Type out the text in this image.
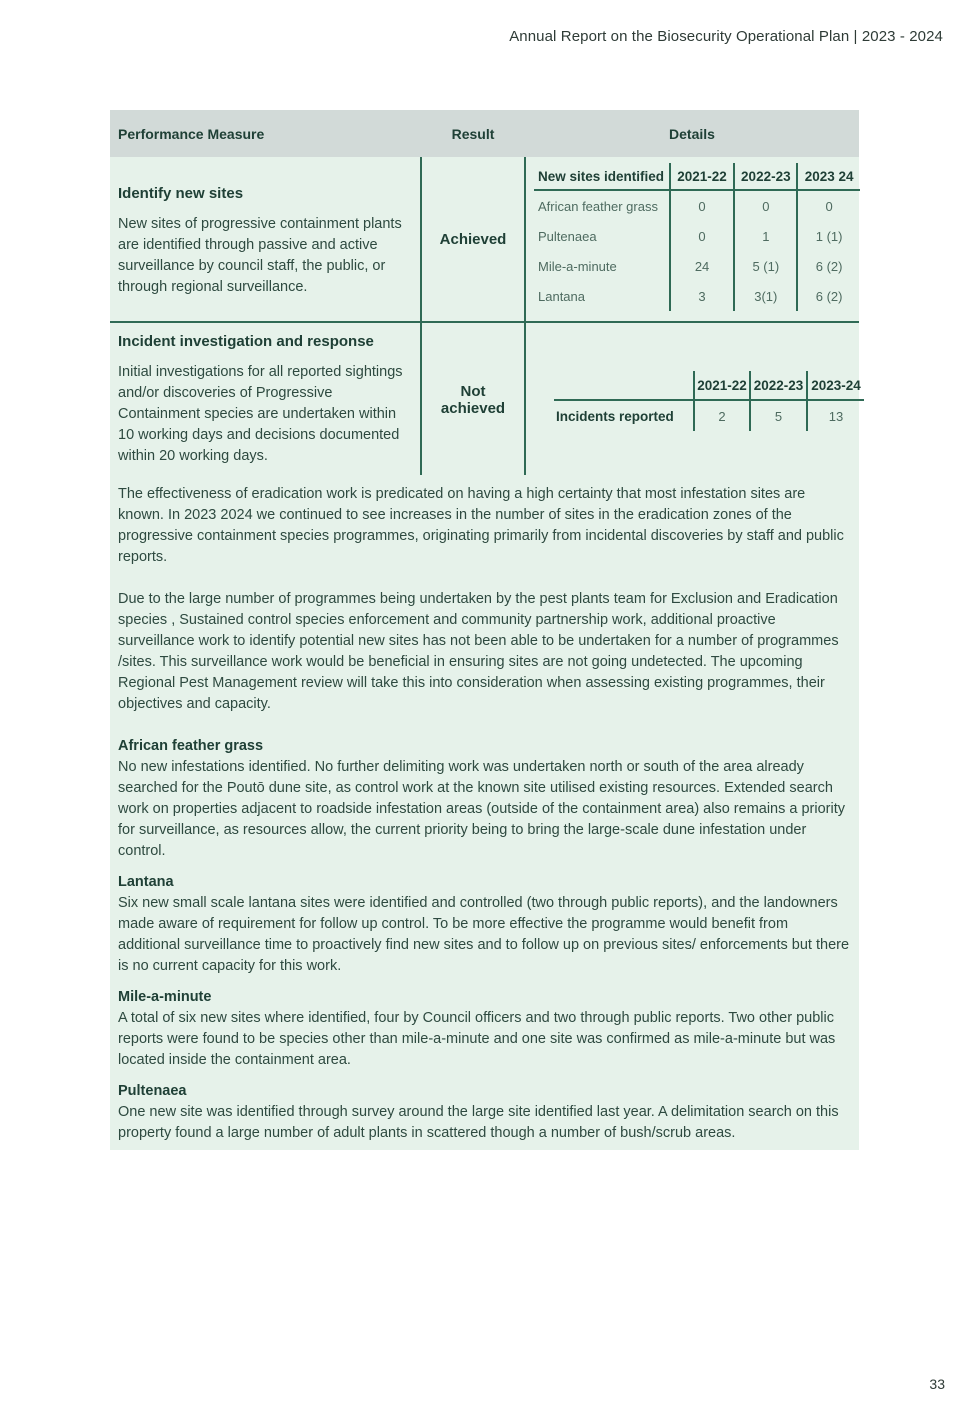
Annual Report on the Biosecurity Operational Plan | 2023 - 2024
Performance Measure	Result	Details

Identify new sites
New sites of progressive containment plants are identified through passive and active surveillance by council staff, the public, or through regional surveillance.
	Achieved	
New sites identified	2021-22	2022-23	2023 24
African feather grass	0	0	0
Pultenaea	0	1	1 (1)
Mile-a-minute	24	5 (1)	6 (2)
Lantana	3	3(1)	6 (2)

Incident investigation and response
Initial investigations for all reported sightings and/or discoveries of Progressive Containment species are undertaken within 10 working days and decisions documented within 20 working days.

Not
achieved

	2021-22	2022-23	2023-24
Incidents reported	2	5	13

The effectiveness of eradication work is predicated on having a high certainty that most infestation sites are known. In 2023 2024 we continued to see increases in the number of sites in the eradication zones of the progressive containment species programmes, originating primarily from incidental discoveries by staff and public reports.

Due to the large number of programmes being undertaken by the pest plants team for Exclusion and Eradication species , Sustained control species enforcement and community partnership work, additional proactive surveillance work to identify potential new sites has not been able to be undertaken for a number of programmes /sites. This surveillance work would be beneficial in ensuring sites are not going undetected. The upcoming Regional Pest Management review will take this into consideration when assessing existing programmes, their objectives and capacity.

African feather grass

No new infestations identified. No further delimiting work was undertaken north or south of the area already searched for the Poutō dune site, as control work at the known site utilised existing resources. Extended search work on properties adjacent to roadside infestation areas (outside of the containment area) also remains a priority for surveillance, as resources allow, the current priority being to bring the large-scale dune infestation under control.

Lantana

Six new small scale lantana sites were identified and controlled (two through public reports), and the landowners made aware of requirement for follow up control. To be more effective the programme would benefit from additional surveillance time to proactively find new sites and to follow up on previous sites/ enforcements but there is no current capacity for this work.

Mile-a-minute

A total of six new sites where identified, four by Council officers and two through public reports. Two other public reports were found to be species other than mile-a-minute and one site was confirmed as mile-a-minute but was located inside the containment area.

Pultenaea

One new site was identified through survey around the large site identified last year. A delimitation search on this property found a large number of adult plants in scattered though a number of bush/scrub areas.

33
